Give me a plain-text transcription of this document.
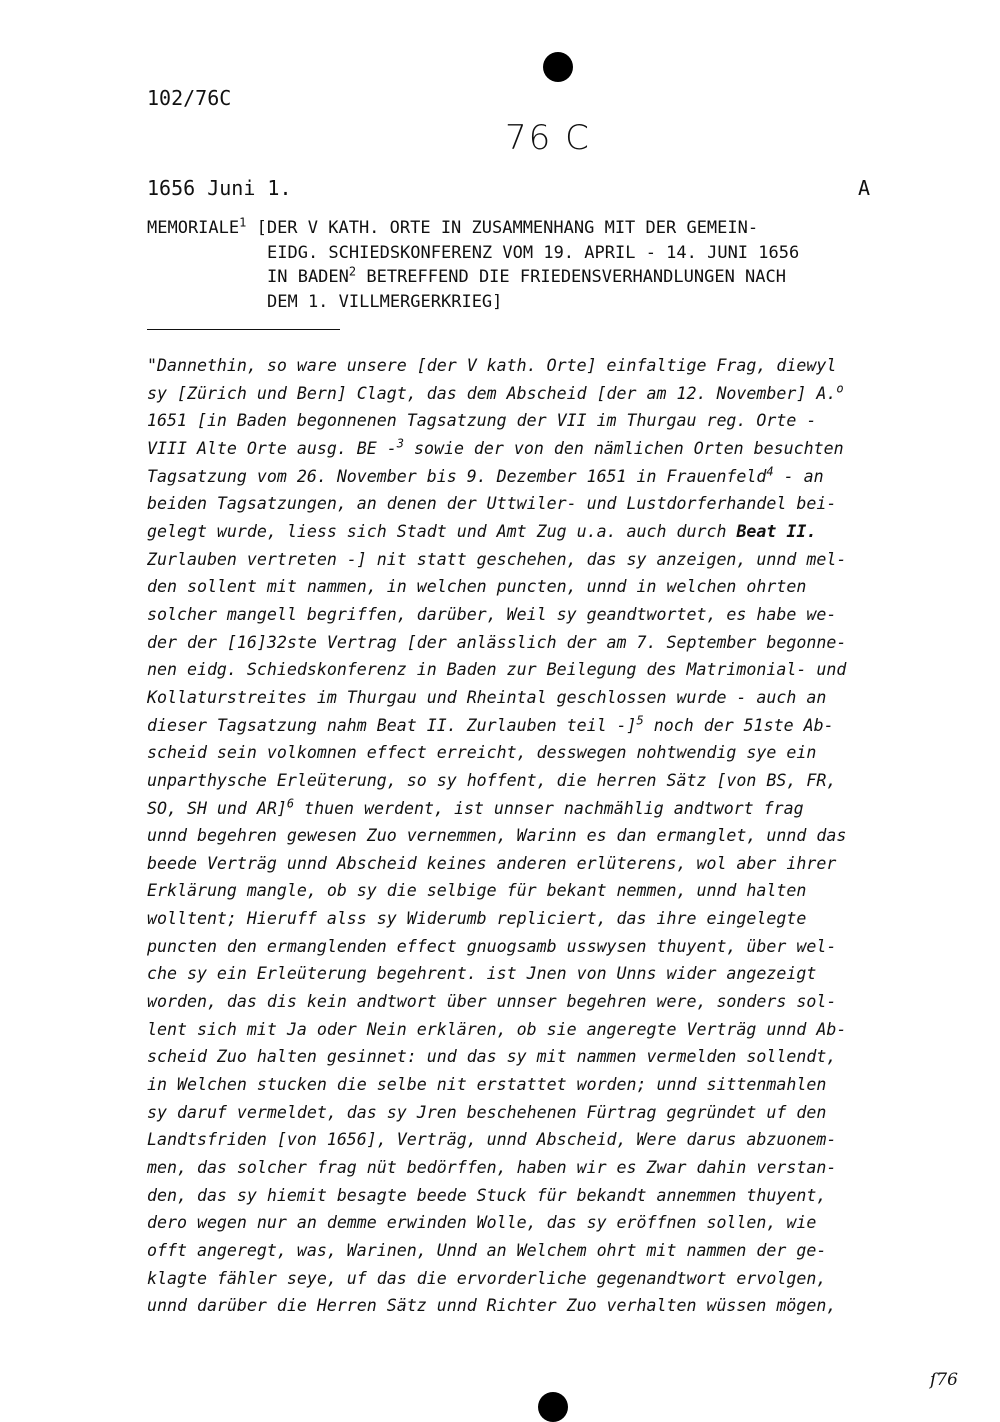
102/76C
76 C
1656 Juni 1.	A
MEMORIALE$^1$ [DER V KATH. ORTE IN ZUSAMMENHANG MIT DER GEMEIN-
EIDG. SCHIEDSKONFERENZ VOM 19. APRIL - 14. JUNI 1656
IN BADEN$^2$ BETREFFEND DIE FRIEDENSVERHANDLUNGEN NACH
DEM 1. VILLMERGERKRIEG]
"Dannethin, so ware unsere [der V kath. Orte] einfaltige Frag, diewyl
sy [Zürich und Bern] Clagt, das dem Abscheid [der am 12. November] A.$^o$
1651 [in Baden begonnenen Tagsatzung der VII im Thurgau reg. Orte -
VIII Alte Orte ausg. BE -$^3$ sowie der von den nämlichen Orten besuchten
Tagsatzung vom 26. November bis 9. Dezember 1651 in Frauenfeld$^4$ - an
beiden Tagsatzungen, an denen der Uttwiler- und Lustdorferhandel bei-
gelegt wurde, liess sich Stadt und Amt Zug u.a. auch durch Beat II.
Zurlauben vertreten -] nit statt geschehen, das sy anzeigen, unnd mel-
den sollent mit nammen, in welchen puncten, unnd in welchen ohrten
solcher mangell begriffen, darüber, Weil sy geandtwortet, es habe we-
der der [16]32ste Vertrag [der anlässlich der am 7. September begonne-
nen eidg. Schiedskonferenz in Baden zur Beilegung des Matrimonial- und
Kollaturstreites im Thurgau und Rheintal geschlossen wurde - auch an
dieser Tagsatzung nahm Beat II. Zurlauben teil -]$^5$ noch der 51ste Ab-
scheid sein volkomnen effect erreicht, desswegen nohtwendig sye ein
unparthysche Erleüterung, so sy hoffent, die herren Sätz [von BS, FR,
SO, SH und AR]$^6$ thuen werdent, ist unnser nachmählig andtwort frag
unnd begehren gewesen Zuo vernemmen, Warinn es dan ermanglet, unnd das
beede Verträg unnd Abscheid keines anderen erlüterens, wol aber ihrer
Erklärung mangle, ob sy die selbige für bekant nemmen, unnd halten
wolltent; Hieruff alss sy Widerumb repliciert, das ihre eingelegte
puncten den ermanglenden effect gnuogsamb usswysen thuyent, über wel-
che sy ein Erleüterung begehrent. ist Jnen von Unns wider angezeigt
worden, das dis kein andtwort über unnser begehren were, sonders sol-
lent sich mit Ja oder Nein erklären, ob sie angeregte Verträg unnd Ab-
scheid Zuo halten gesinnet: und das sy mit nammen vermelden sollendt,
in Welchen stucken die selbe nit erstattet worden; unnd sittenmahlen
sy daruf vermeldet, das sy Jren beschehenen Fürtrag gegründet uf den
Landtsfriden [von 1656], Verträg, unnd Abscheid, Were darus abzuonem-
men, das solcher frag nüt bedörffen, haben wir es Zwar dahin verstan-
den, das sy hiemit besagte beede Stuck für bekandt annemmen thuyent,
dero wegen nur an demme erwinden Wolle, das sy eröffnen sollen, wie
offt angeregt, was, Warinen, Unnd an Welchem ohrt mit nammen der ge-
klagte fähler seye, uf das die ervorderliche gegenandtwort ervolgen,
unnd darüber die Herren Sätz unnd Richter Zuo verhalten wüssen mögen,
ſ76
